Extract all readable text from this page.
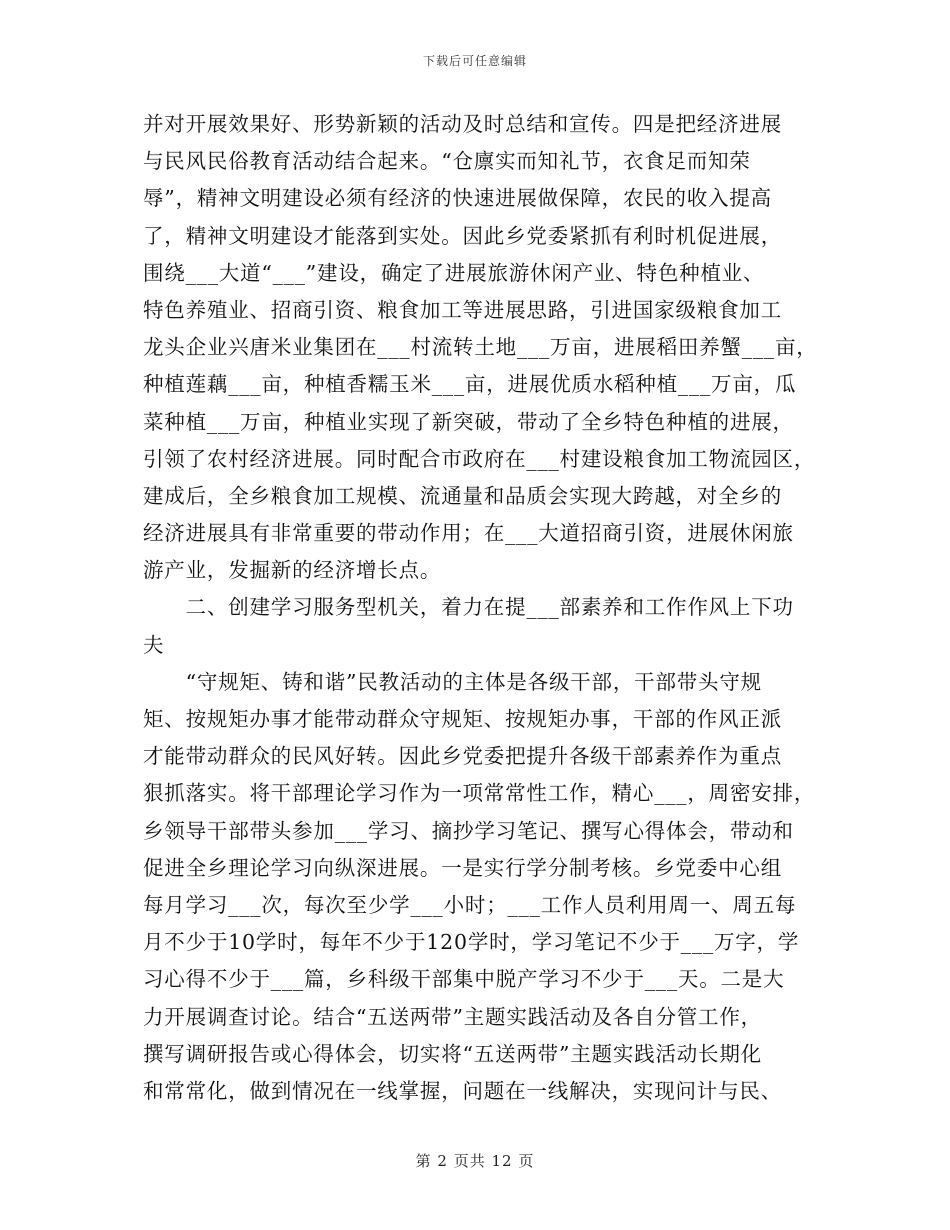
下载后可任意编辑
并对开展效果好、形势新颖的活动及时总结和宣传。四是把经济进展
与民风民俗教育活动结合起来。“仓廪实而知礼节，衣食足而知荣
辱”，精神文明建设必须有经济的快速进展做保障，农民的收入提高
了，精神文明建设才能落到实处。因此乡党委紧抓有利时机促进展，
围绕___大道“___”建设，确定了进展旅游休闲产业、特色种植业、
特色养殖业、招商引资、粮食加工等进展思路，引进国家级粮食加工
龙头企业兴唐米业集团在___村流转土地___万亩，进展稻田养蟹___亩，
种植莲藕___亩，种植香糯玉米___亩，进展优质水稻种植___万亩，瓜
菜种植___万亩，种植业实现了新突破，带动了全乡特色种植的进展，
引领了农村经济进展。同时配合市政府在___村建设粮食加工物流园区，
建成后，全乡粮食加工规模、流通量和品质会实现大跨越，对全乡的
经济进展具有非常重要的带动作用；在___大道招商引资，进展休闲旅
游产业，发掘新的经济增长点。
　　二、创建学习服务型机关，着力在提___部素养和工作作风上下功
夫
　　“守规矩、铸和谐”民教活动的主体是各级干部，干部带头守规
矩、按规矩办事才能带动群众守规矩、按规矩办事，干部的作风正派
才能带动群众的民风好转。因此乡党委把提升各级干部素养作为重点
狠抓落实。将干部理论学习作为一项常常性工作，精心___，周密安排，
乡领导干部带头参加___学习、摘抄学习笔记、撰写心得体会，带动和
促进全乡理论学习向纵深进展。一是实行学分制考核。乡党委中心组
每月学习___次，每次至少学___小时；___工作人员利用周一、周五每
月不少于10学时，每年不少于120学时，学习笔记不少于___万字，学
习心得不少于___篇，乡科级干部集中脱产学习不少于___天。二是大
力开展调查讨论。结合“五送两带”主题实践活动及各自分管工作，
撰写调研报告或心得体会，切实将“五送两带”主题实践活动长期化
和常常化，做到情况在一线掌握，问题在一线解决，实现问计与民、
第 2 页共 12 页
